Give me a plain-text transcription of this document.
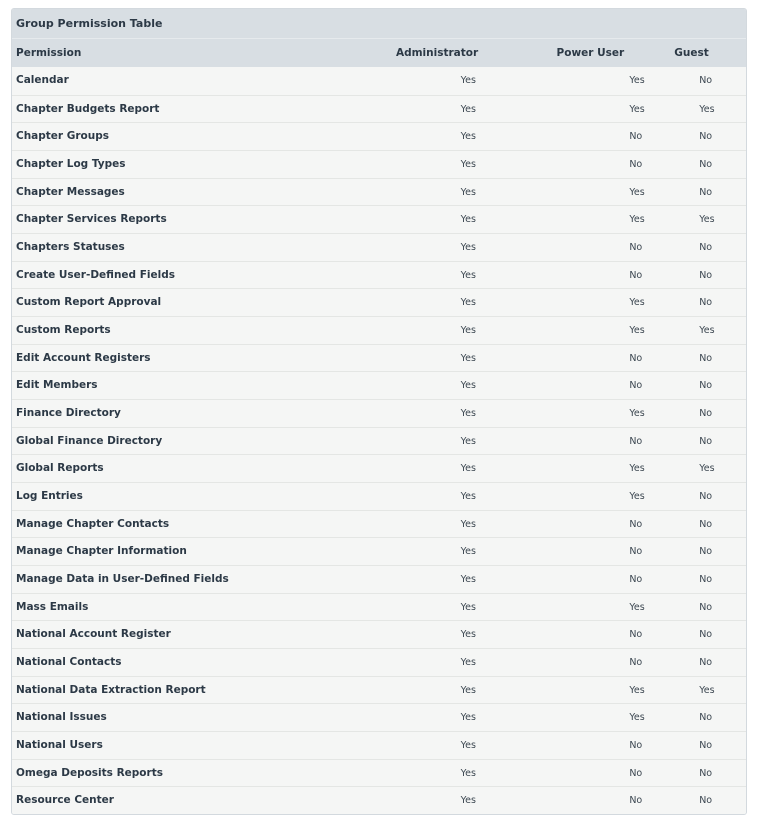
Group Permission Table
Permission	Administrator	Power User	Guest
Calendar	Yes	Yes	No
Chapter Budgets Report	Yes	Yes	Yes
Chapter Groups	Yes	No	No
Chapter Log Types	Yes	No	No
Chapter Messages	Yes	Yes	No
Chapter Services Reports	Yes	Yes	Yes
Chapters Statuses	Yes	No	No
Create User-Defined Fields	Yes	No	No
Custom Report Approval	Yes	Yes	No
Custom Reports	Yes	Yes	Yes
Edit Account Registers	Yes	No	No
Edit Members	Yes	No	No
Finance Directory	Yes	Yes	No
Global Finance Directory	Yes	No	No
Global Reports	Yes	Yes	Yes
Log Entries	Yes	Yes	No
Manage Chapter Contacts	Yes	No	No
Manage Chapter Information	Yes	No	No
Manage Data in User-Defined Fields	Yes	No	No
Mass Emails	Yes	Yes	No
National Account Register	Yes	No	No
National Contacts	Yes	No	No
National Data Extraction Report	Yes	Yes	Yes
National Issues	Yes	Yes	No
National Users	Yes	No	No
Omega Deposits Reports	Yes	No	No
Resource Center	Yes	No	No
